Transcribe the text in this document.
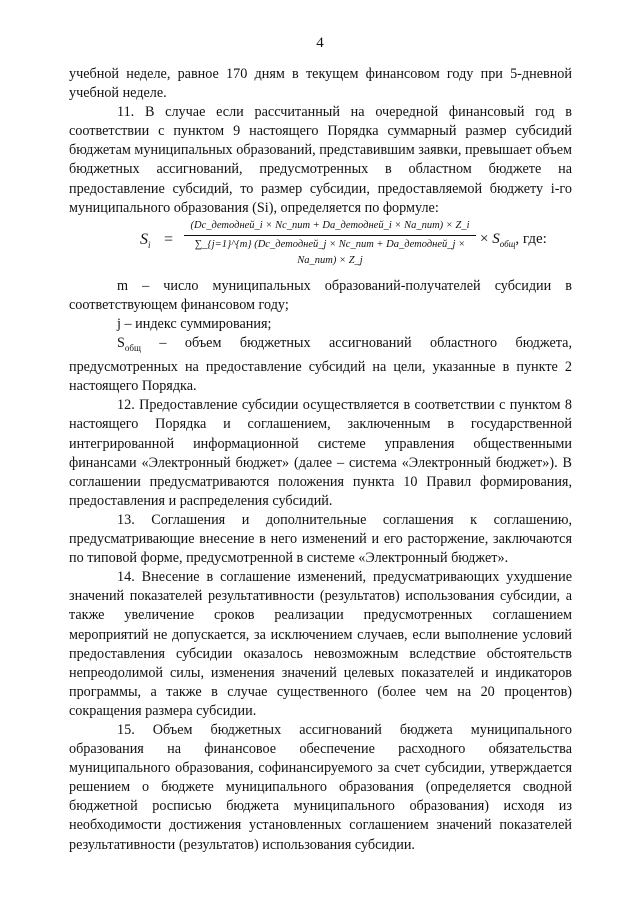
4

учебной неделе, равное 170 дням в текущем финансовом году при 5-дневной учебной неделе.

11. В случае если рассчитанный на очередной финансовый год в соответствии с пунктом 9 настоящего Порядка суммарный размер субсидий бюджетам муниципальных образований, представившим заявки, превышает объем бюджетных ассигнований, предусмотренных в областном бюджете на предоставление субсидий, то размер субсидии, предоставляемой бюджету i-го муниципального образования (Si), определяется по формуле:

$S_i$ =
(Dc_детодней_i × Nc_пит + Da_детодней_i × Na_пит) × Z_i
∑_{j=1}^{m} (Dc_детодней_j × Nc_пит + Da_детодней_j × Na_пит) × Z_j
× $S_{общ}$, где:

m – число муниципальных образований-получателей субсидии в соответствующем финансовом году;

j – индекс суммирования;

$S_{общ}$ – объем бюджетных ассигнований областного бюджета, предусмотренных на предоставление субсидий на цели, указанные в пункте 2 настоящего Порядка.

12. Предоставление субсидии осуществляется в соответствии с пунктом 8 настоящего Порядка и соглашением, заключенным в государственной интегрированной информационной системе управления общественными финансами «Электронный бюджет» (далее – система «Электронный бюджет»). В соглашении предусматриваются положения пункта 10 Правил формирования, предоставления и распределения субсидий.

13. Соглашения и дополнительные соглашения к соглашению, предусматривающие внесение в него изменений и его расторжение, заключаются по типовой форме, предусмотренной в системе «Электронный бюджет».

14. Внесение в соглашение изменений, предусматривающих ухудшение значений показателей результативности (результатов) использования субсидии, а также увеличение сроков реализации предусмотренных соглашением мероприятий не допускается, за исключением случаев, если выполнение условий предоставления субсидии оказалось невозможным вследствие обстоятельств непреодолимой силы, изменения значений целевых показателей и индикаторов программы, а также в случае существенного (более чем на 20 процентов) сокращения размера субсидии.

15. Объем бюджетных ассигнований бюджета муниципального образования на финансовое обеспечение расходного обязательства муниципального образования, софинансируемого за счет субсидии, утверждается решением о бюджете муниципального образования (определяется сводной бюджетной росписью бюджета муниципального образования) исходя из необходимости достижения установленных соглашением значений показателей результативности (результатов) использования субсидии.
